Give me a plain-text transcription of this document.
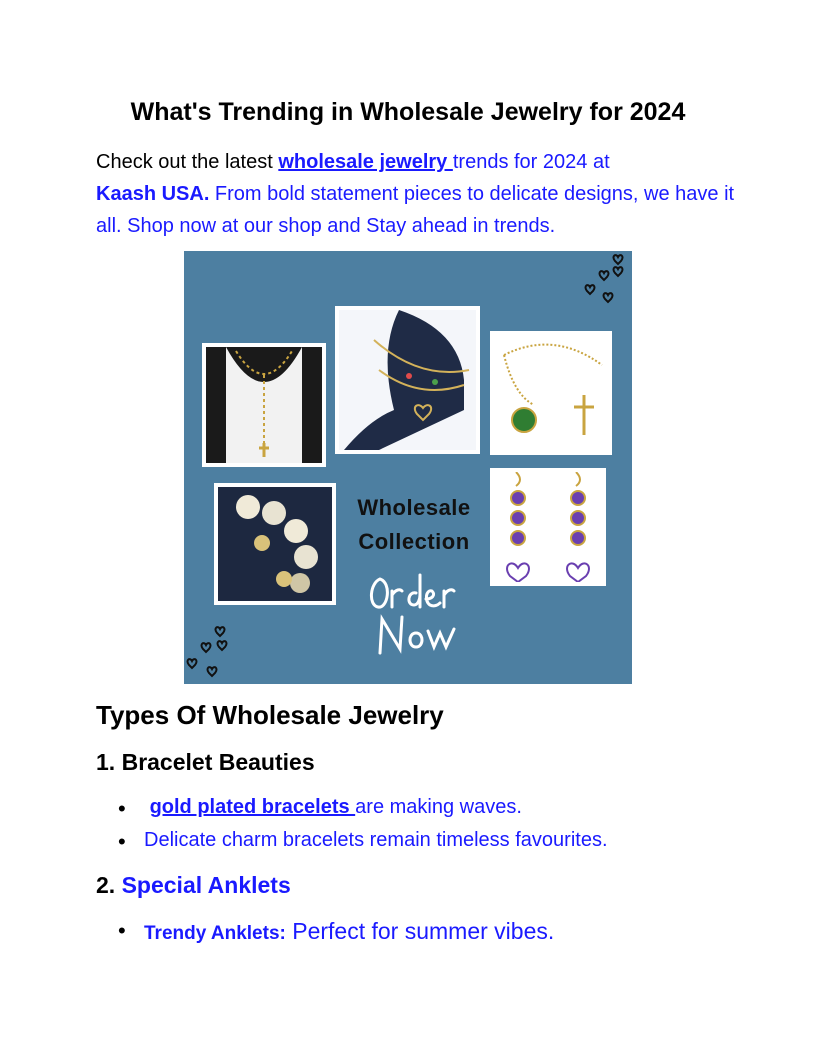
What's Trending in Wholesale Jewelry for 2024

Check out the latest wholesale jewelry trends for 2024 at
Kaash USA. From bold statement pieces to delicate designs, we have it all. Shop now at our shop and Stay ahead in trends.

Wholesale
Collection
Types Of Wholesale Jewelry
1. Bracelet Beauties
• gold plated bracelets are making waves.
• Delicate charm bracelets remain timeless favourites.
2. Special Anklets
• Trendy Anklets: Perfect for summer vibes.
